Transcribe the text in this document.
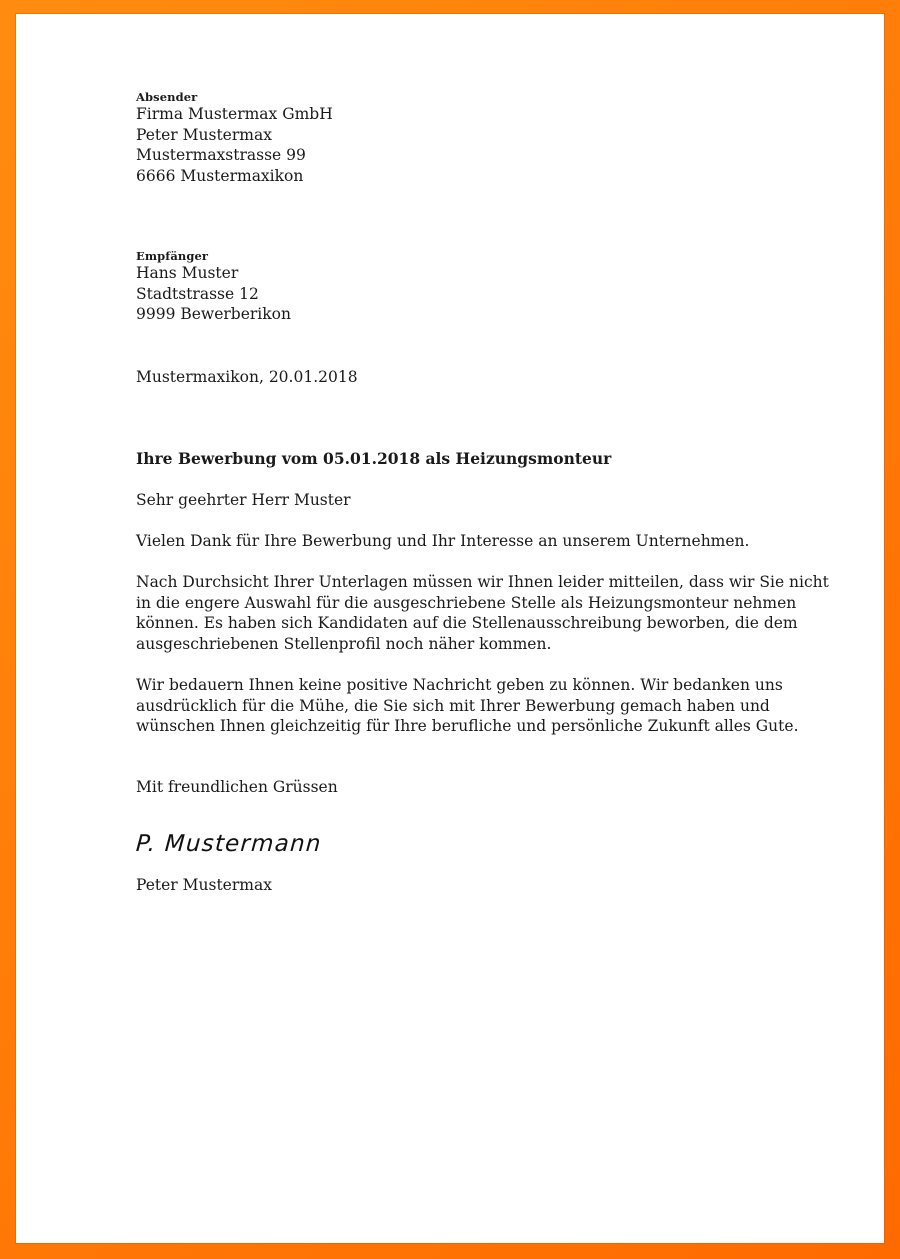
Absender
Firma Mustermax GmbH
Peter Mustermax
Mustermaxstrasse 99
6666 Mustermaxikon
Empfänger
Hans Muster
Stadtstrasse 12
9999 Bewerberikon
Mustermaxikon, 20.01.2018
Ihre Bewerbung vom 05.01.2018 als Heizungsmonteur
Sehr geehrter Herr Muster
Vielen Dank für Ihre Bewerbung und Ihr Interesse an unserem Unternehmen.
Nach Durchsicht Ihrer Unterlagen müssen wir Ihnen leider mitteilen, dass wir Sie nicht
in die engere Auswahl für die ausgeschriebene Stelle als Heizungsmonteur nehmen
können. Es haben sich Kandidaten auf die Stellenausschreibung beworben, die dem
ausgeschriebenen Stellenprofil noch näher kommen.
Wir bedauern Ihnen keine positive Nachricht geben zu können. Wir bedanken uns
ausdrücklich für die Mühe, die Sie sich mit Ihrer Bewerbung gemach haben und
wünschen Ihnen gleichzeitig für Ihre berufliche und persönliche Zukunft alles Gute.
Mit freundlichen Grüssen
P. Mustermann
Peter Mustermax
